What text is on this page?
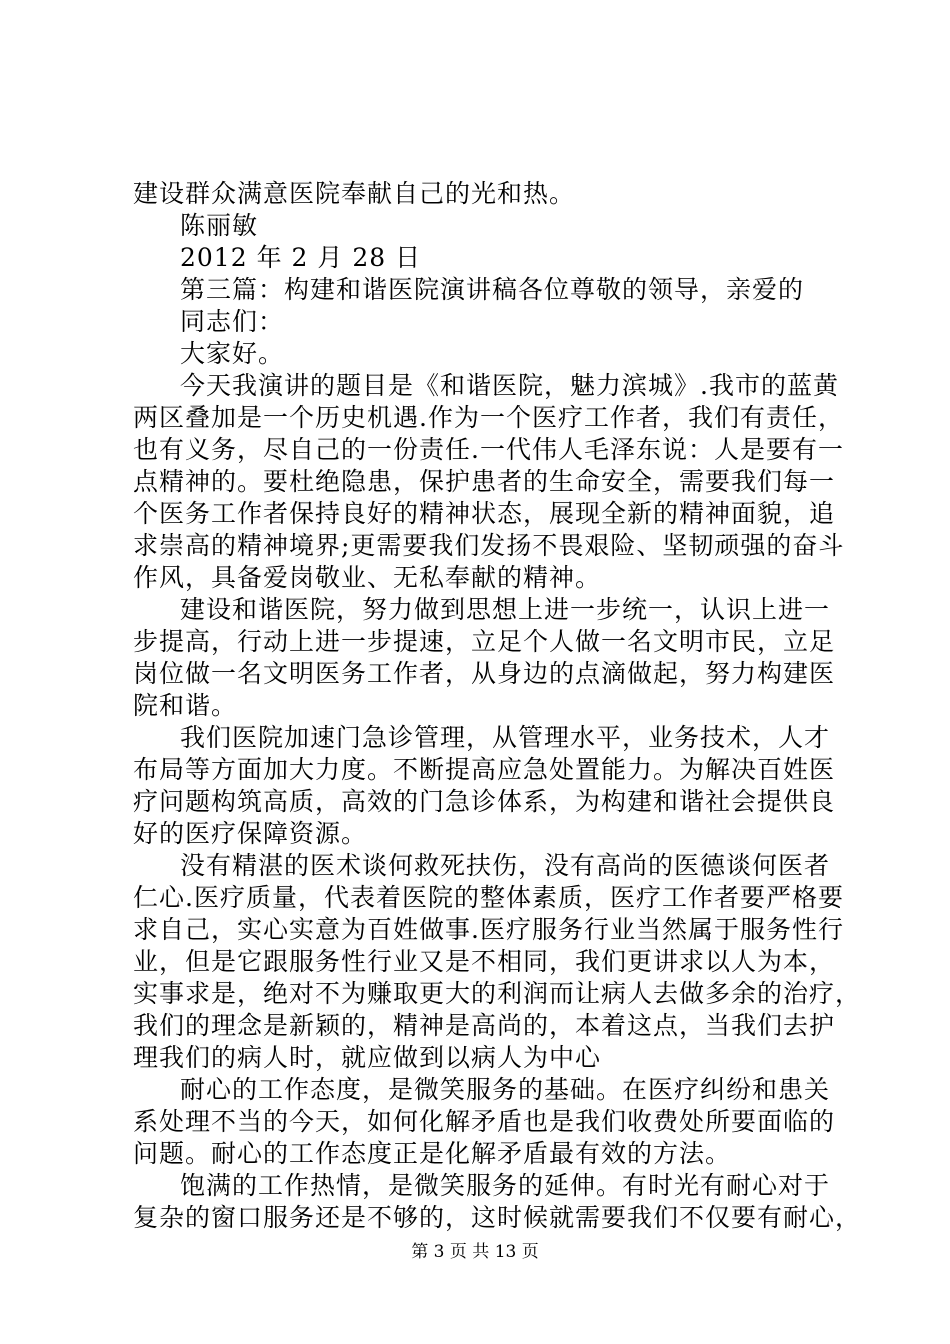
建设群众满意医院奉献自己的光和热。
陈丽敏
2012 年 2 月 28 日
第三篇：构建和谐医院演讲稿各位尊敬的领导，亲爱的
同志们：
大家好。
今天我演讲的题目是《和谐医院，魅力滨城》.我市的蓝黄
两区叠加是一个历史机遇.作为一个医疗工作者，我们有责任，
也有义务，尽自己的一份责任.一代伟人毛泽东说：人是要有一
点精神的。要杜绝隐患，保护患者的生命安全，需要我们每一
个医务工作者保持良好的精神状态，展现全新的精神面貌，追
求崇高的精神境界;更需要我们发扬不畏艰险、坚韧顽强的奋斗
作风，具备爱岗敬业、无私奉献的精神。
建设和谐医院，努力做到思想上进一步统一，认识上进一
步提高，行动上进一步提速，立足个人做一名文明市民，立足
岗位做一名文明医务工作者，从身边的点滴做起，努力构建医
院和谐。
我们医院加速门急诊管理，从管理水平，业务技术，人才
布局等方面加大力度。不断提高应急处置能力。为解决百姓医
疗问题构筑高质，高效的门急诊体系，为构建和谐社会提供良
好的医疗保障资源。
没有精湛的医术谈何救死扶伤，没有高尚的医德谈何医者
仁心.医疗质量，代表着医院的整体素质，医疗工作者要严格要
求自己，实心实意为百姓做事.医疗服务行业当然属于服务性行
业，但是它跟服务性行业又是不相同，我们更讲求以人为本，
实事求是，绝对不为赚取更大的利润而让病人去做多余的治疗，
我们的理念是新颖的，精神是高尚的，本着这点，当我们去护
理我们的病人时，就应做到以病人为中心
耐心的工作态度，是微笑服务的基础。在医疗纠纷和患关
系处理不当的今天，如何化解矛盾也是我们收费处所要面临的
问题。耐心的工作态度正是化解矛盾最有效的方法。
饱满的工作热情，是微笑服务的延伸。有时光有耐心对于
复杂的窗口服务还是不够的，这时候就需要我们不仅要有耐心，
第 3 页 共 13 页
